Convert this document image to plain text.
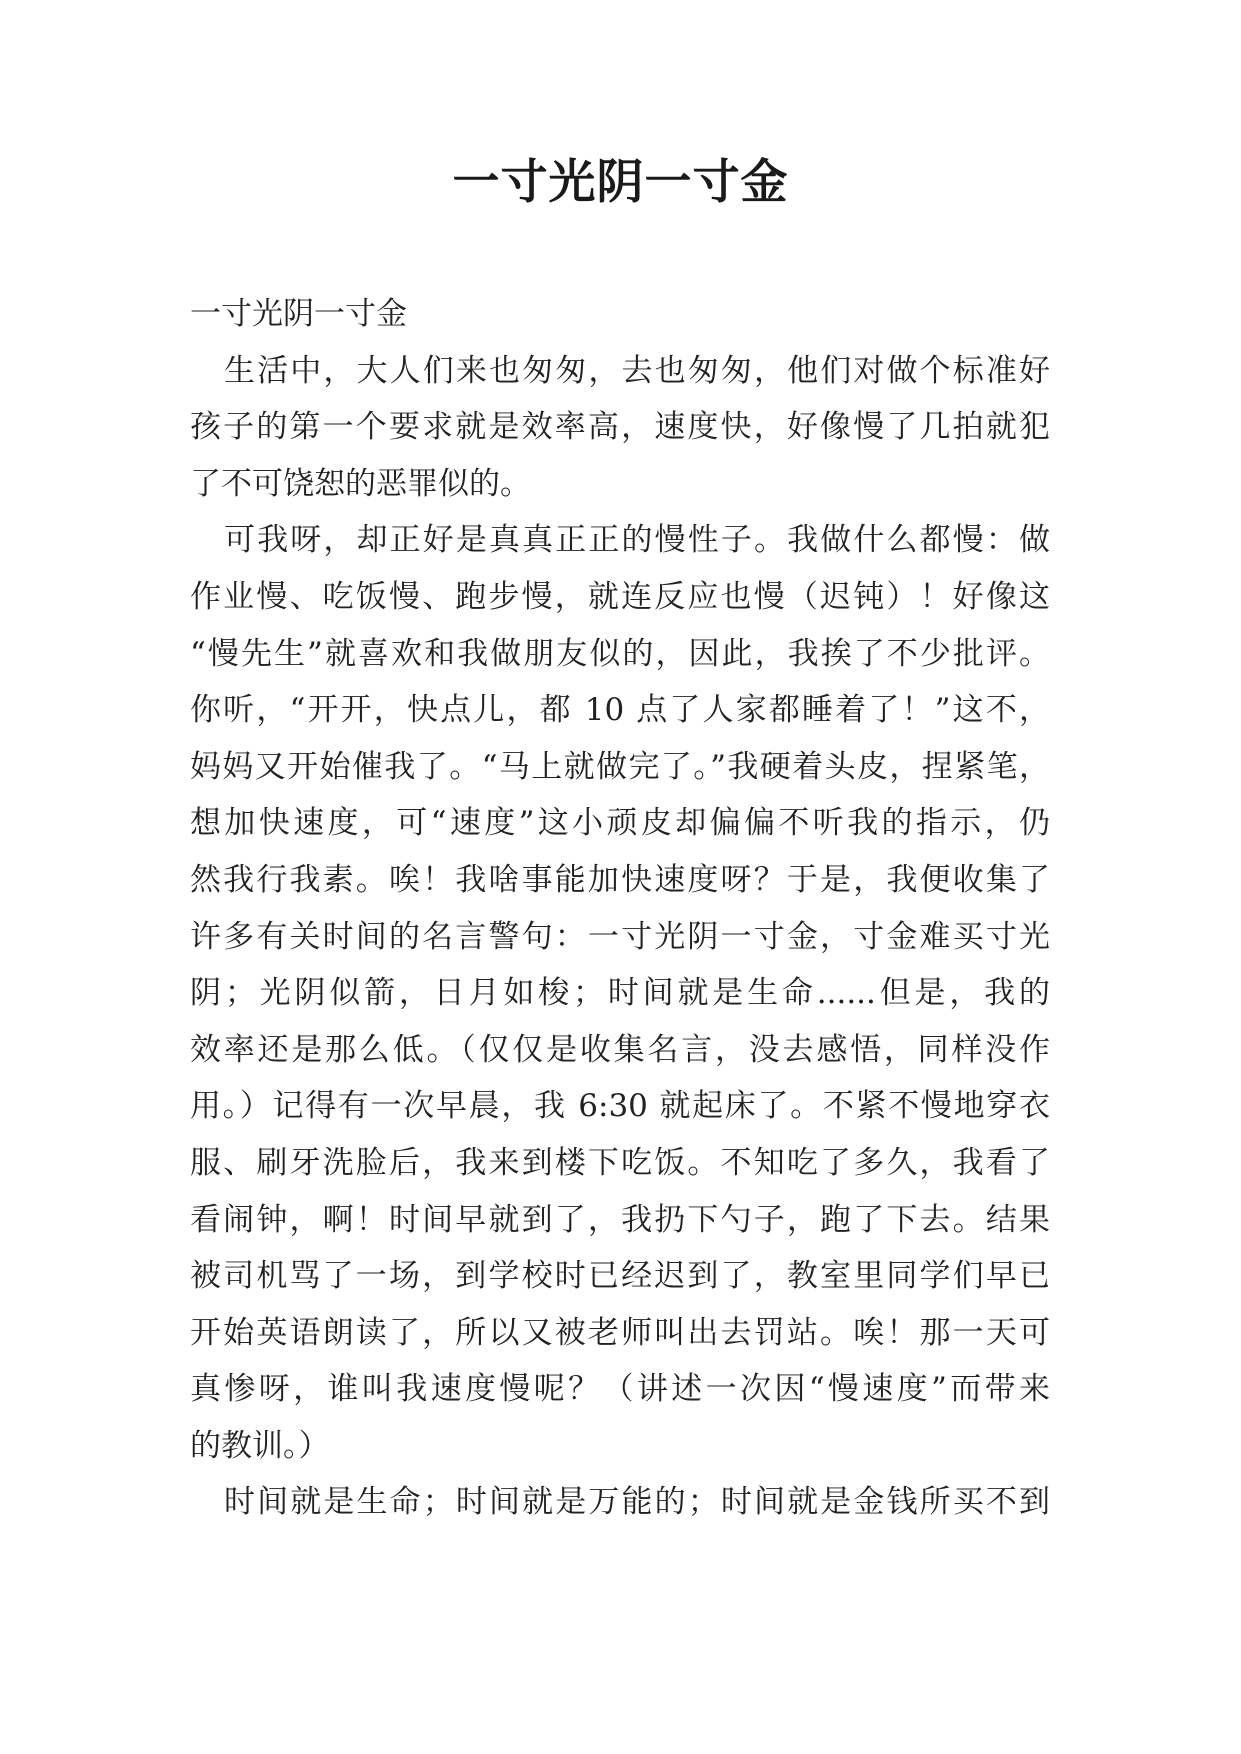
一寸光阴一寸金
一寸光阴一寸金
生活中，大人们来也匆匆，去也匆匆，他们对做个标准好
孩子的第一个要求就是效率高，速度快，好像慢了几拍就犯
了不可饶恕的恶罪似的。
可我呀，却正好是真真正正的慢性子。我做什么都慢：做
作业慢、吃饭慢、跑步慢，就连反应也慢（迟钝）！好像这
“慢先生”就喜欢和我做朋友似的，因此，我挨了不少批评。
你听，“开开，快点儿，都 10 点了人家都睡着了！”这不，
妈妈又开始催我了。“马上就做完了。”我硬着头皮，捏紧笔，
想加快速度，可“速度”这小顽皮却偏偏不听我的指示，仍
然我行我素。唉！我啥事能加快速度呀？于是，我便收集了
许多有关时间的名言警句：一寸光阴一寸金，寸金难买寸光
阴；光阴似箭，日月如梭；时间就是生命......但是，我的
效率还是那么低。（仅仅是收集名言，没去感悟，同样没作
用。）记得有一次早晨，我 6:30 就起床了。不紧不慢地穿衣
服、刷牙洗脸后，我来到楼下吃饭。不知吃了多久，我看了
看闹钟，啊！时间早就到了，我扔下勺子，跑了下去。结果
被司机骂了一场，到学校时已经迟到了，教室里同学们早已
开始英语朗读了，所以又被老师叫出去罚站。唉！那一天可
真惨呀，谁叫我速度慢呢？（讲述一次因“慢速度”而带来
的教训。）
时间就是生命；时间就是万能的；时间就是金钱所买不到
